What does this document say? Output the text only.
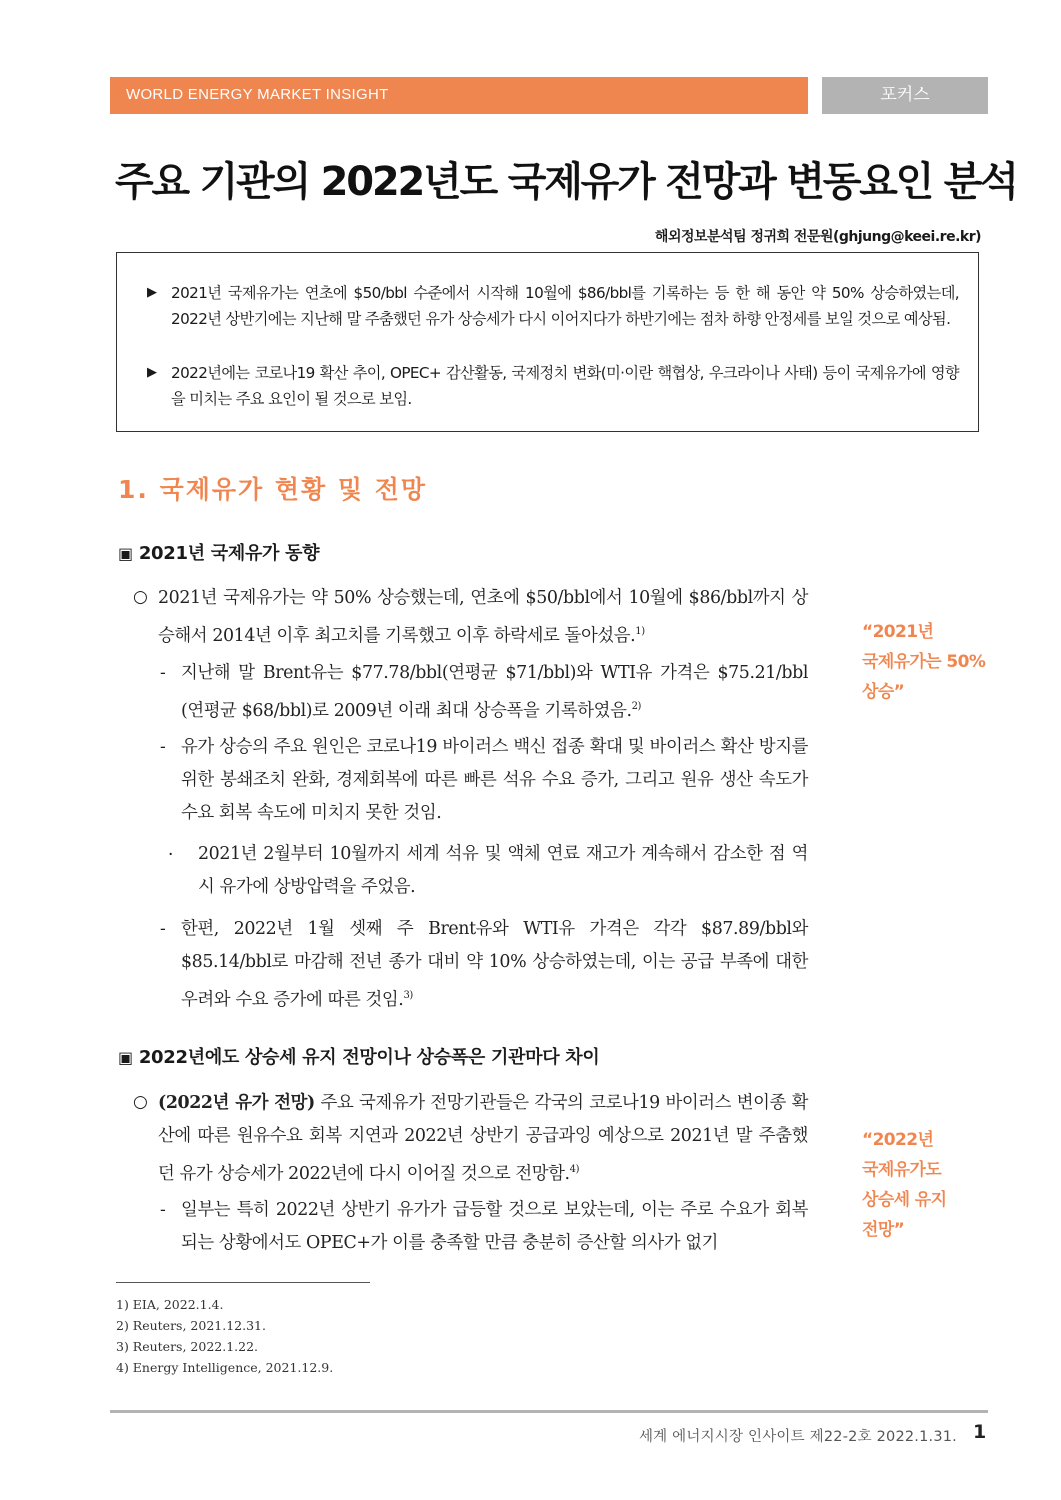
WORLD ENERGY MARKET INSIGHT	포커스
주요 기관의 2022년도 국제유가 전망과 변동요인 분석
해외정보분석팀 정귀희 전문원(ghjung@keei.re.kr)
▶ 2021년 국제유가는 연초에 $50/bbl 수준에서 시작해 10월에 $86/bbl를 기록하는 등 한 해 동안 약 50% 상승하였는데, 2022년 상반기에는 지난해 말 주춤했던 유가 상승세가 다시 이어지다가 하반기에는 점차 하향 안정세를 보일 것으로 예상됨.
▶ 2022년에는 코로나19 확산 추이, OPEC+ 감산활동, 국제정치 변화(미·이란 핵협상, 우크라이나 사태) 등이 국제유가에 영향을 미치는 주요 요인이 될 것으로 보임.
1. 국제유가 현황 및 전망
▣ 2021년 국제유가 동향
○ 2021년 국제유가는 약 50% 상승했는데, 연초에 $50/bbl에서 10월에 $86/bbl까지 상승해서 2014년 이후 최고치를 기록했고 이후 하락세로 돌아섰음.$^{1)}$
- 지난해 말 Brent유는 $77.78/bbl(연평균 $71/bbl)와 WTI유 가격은 $75.21/bbl (연평균 $68/bbl)로 2009년 이래 최대 상승폭을 기록하였음.$^{2)}$
- 유가 상승의 주요 원인은 코로나19 바이러스 백신 접종 확대 및 바이러스 확산 방지를 위한 봉쇄조치 완화, 경제회복에 따른 빠른 석유 수요 증가, 그리고 원유 생산 속도가 수요 회복 속도에 미치지 못한 것임.
· 2021년 2월부터 10월까지 세계 석유 및 액체 연료 재고가 계속해서 감소한 점 역시 유가에 상방압력을 주었음.
- 한편, 2022년 1월 셋째 주 Brent유와 WTI유 가격은 각각 $87.89/bbl와 $85.14/bbl로 마감해 전년 종가 대비 약 10% 상승하였는데, 이는 공급 부족에 대한 우려와 수요 증가에 따른 것임.$^{3)}$
“2021년
국제유가는 50%
상승”
▣ 2022년에도 상승세 유지 전망이나 상승폭은 기관마다 차이
○ (2022년 유가 전망) 주요 국제유가 전망기관들은 각국의 코로나19 바이러스 변이종 확산에 따른 원유수요 회복 지연과 2022년 상반기 공급과잉 예상으로 2021년 말 주춤했던 유가 상승세가 2022년에 다시 이어질 것으로 전망함.$^{4)}$
- 일부는 특히 2022년 상반기 유가가 급등할 것으로 보았는데, 이는 주로 수요가 회복되는 상황에서도 OPEC+가 이를 충족할 만큼 충분히 증산할 의사가 없기
“2022년
국제유가도
상승세 유지
전망”
1) EIA, 2022.1.4.
2) Reuters, 2021.12.31.
3) Reuters, 2022.1.22.
4) Energy Intelligence, 2021.12.9.
세계 에너지시장 인사이트 제22-2호 2022.1.31. 1
